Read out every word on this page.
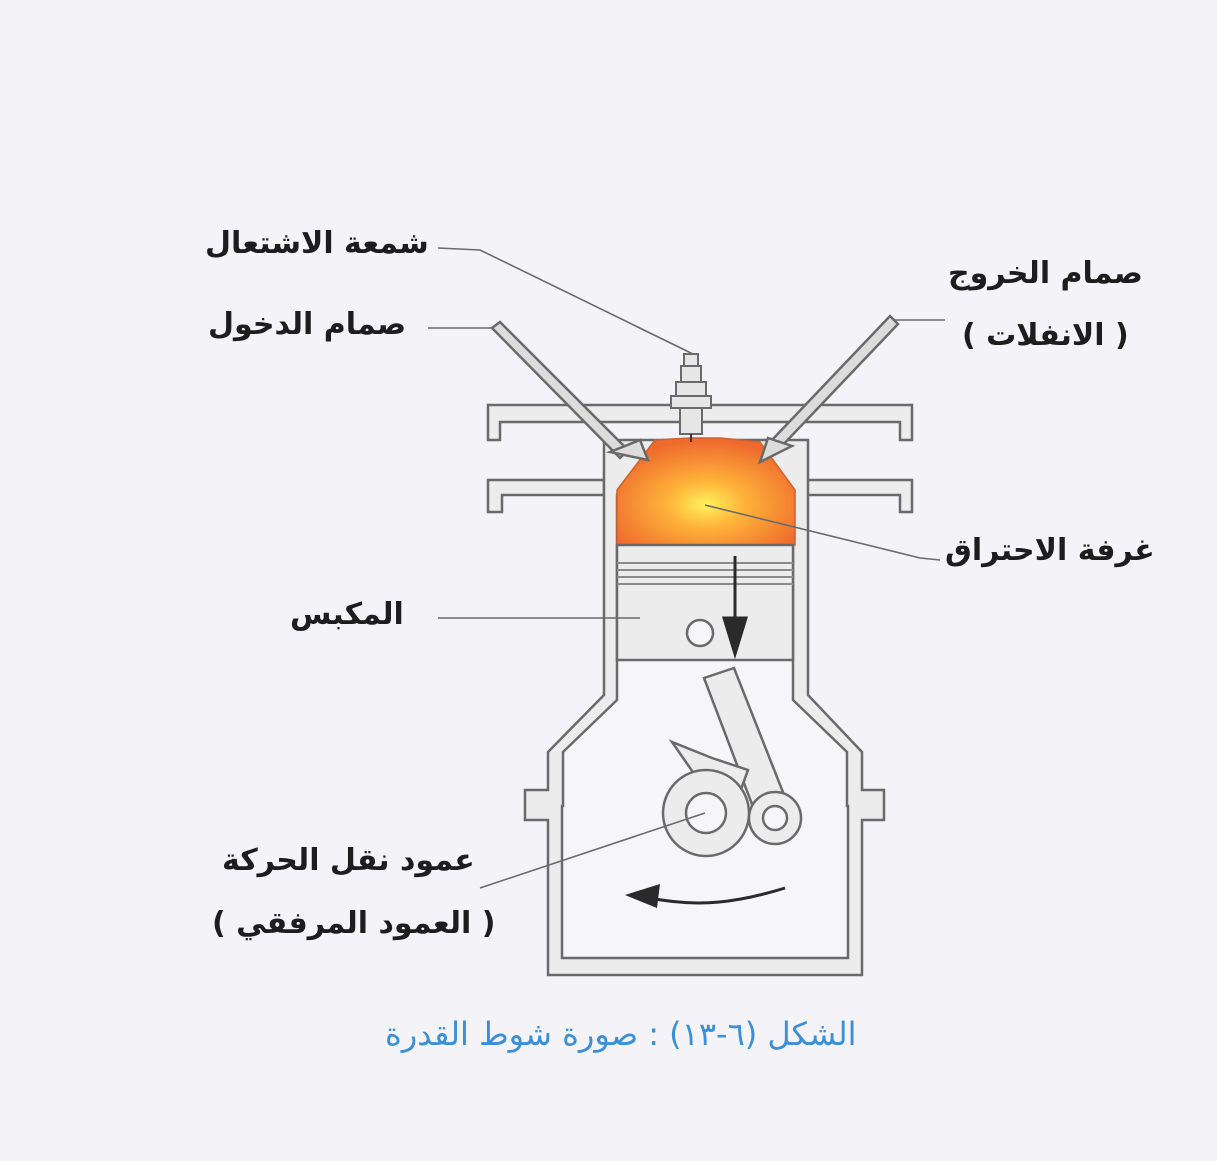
شمعة الاشتعال
صمام الدخول
صمام الخروج
( الانفلات )
غرفة الاحتراق
المكبس
عمود نقل الحركة
( العمود المرفقي )
الشكل (٦-١٣) : صورة شوط القدرة
